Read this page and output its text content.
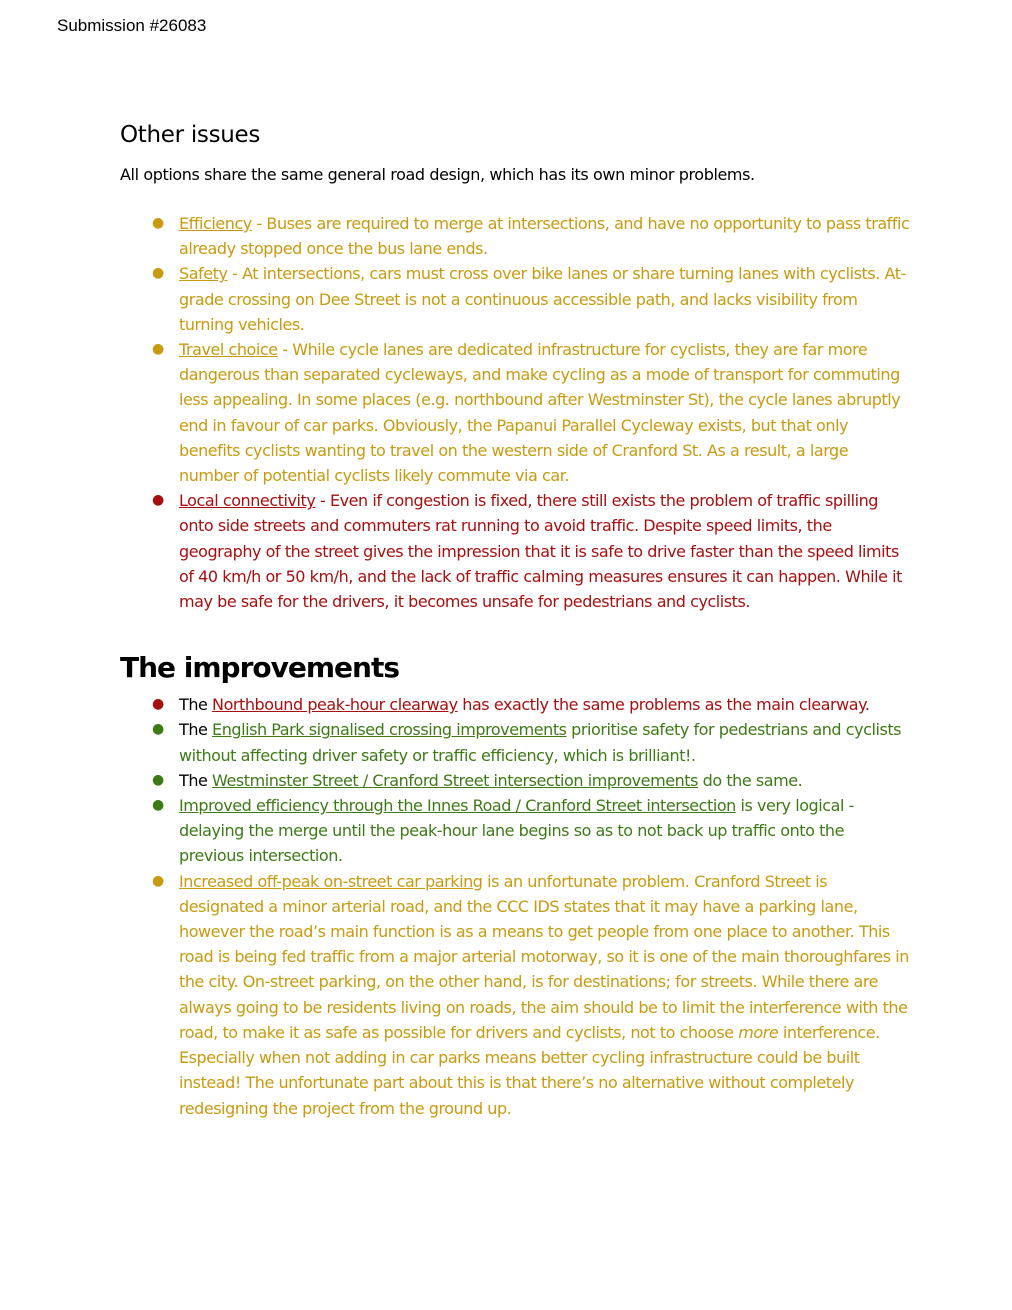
Submission #26083
Other issues

All options share the same general road design, which has its own minor problems.

● Efficiency - Buses are required to merge at intersections, and have no opportunity to pass traffic already stopped once the bus lane ends.
● Safety - At intersections, cars must cross over bike lanes or share turning lanes with cyclists. At-grade crossing on Dee Street is not a continuous accessible path, and lacks visibility from turning vehicles.
● Travel choice - While cycle lanes are dedicated infrastructure for cyclists, they are far more dangerous than separated cycleways, and make cycling as a mode of transport for commuting less appealing. In some places (e.g. northbound after Westminster St), the cycle lanes abruptly end in favour of car parks. Obviously, the Papanui Parallel Cycleway exists, but that only benefits cyclists wanting to travel on the western side of Cranford St. As a result, a large number of potential cyclists likely commute via car.
● Local connectivity - Even if congestion is fixed, there still exists the problem of traffic spilling onto side streets and commuters rat running to avoid traffic. Despite speed limits, the geography of the street gives the impression that it is safe to drive faster than the speed limits of 40 km/h or 50 km/h, and the lack of traffic calming measures ensures it can happen. While it may be safe for the drivers, it becomes unsafe for pedestrians and cyclists.
The improvements
● The Northbound peak-hour clearway has exactly the same problems as the main clearway.
● The English Park signalised crossing improvements prioritise safety for pedestrians and cyclists without affecting driver safety or traffic efficiency, which is brilliant!.
● The Westminster Street / Cranford Street intersection improvements do the same.
● Improved efficiency through the Innes Road / Cranford Street intersection is very logical - delaying the merge until the peak-hour lane begins so as to not back up traffic onto the previous intersection.
● Increased off-peak on-street car parking is an unfortunate problem. Cranford Street is designated a minor arterial road, and the CCC IDS states that it may have a parking lane, however the road’s main function is as a means to get people from one place to another. This road is being fed traffic from a major arterial motorway, so it is one of the main thoroughfares in the city. On-street parking, on the other hand, is for destinations; for streets. While there are always going to be residents living on roads, the aim should be to limit the interference with the road, to make it as safe as possible for drivers and cyclists, not to choose more interference. Especially when not adding in car parks means better cycling infrastructure could be built instead! The unfortunate part about this is that there’s no alternative without completely redesigning the project from the ground up.
